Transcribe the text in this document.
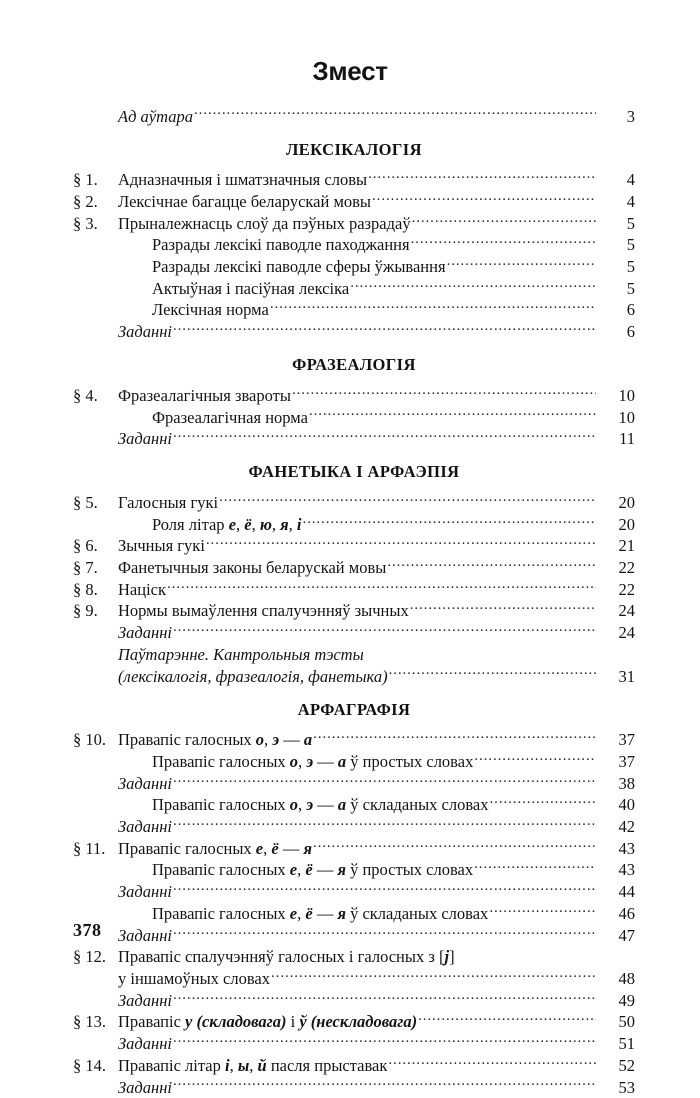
Змест
Ад аўтара .....	3
ЛЕКСІКАЛОГІЯ
§ 1.	Адназначныя і шматзначныя словы .....	4
§ 2.	Лексічнае багацце беларускай мовы .....	4
§ 3.	Прыналежнасць слоў да пэўных разрадаў .....	5
Разрады лексікі паводле паходжання .....	5
Разрады лексікі паводле сферы ўжывання .....	5
Актыўная і пасіўная лексіка .....	5
Лексічная норма .....	6
Заданні .....	6
ФРАЗЕАЛОГІЯ
§ 4.	Фразеалагічныя звароты .....	10
Фразеалагічная норма .....	10
Заданні .....	11
ФАНЕТЫКА І АРФАЭПІЯ
§ 5.	Галосныя гукі .....	20
Роля літар е, ё, ю, я, і .....	20
§ 6.	Зычныя гукі .....	21
§ 7.	Фанетычныя законы беларускай мовы .....	22
§ 8.	Націск .....	22
§ 9.	Нормы вымаўлення спалучэнняў зычных .....	24
Заданні .....	24
Паўтарэнне. Кантрольныя тэсты
(лексікалогія, фразеалогія, фанетыка) .....	31
АРФАГРАФІЯ
§ 10. Правапіс галосных о, э — а .....	37
Правапіс галосных о, э — а ў простых словах .....	37
Заданні .....	38
Правапіс галосных о, э — а ў складаных словах .....	40
Заданні .....	42
§ 11. Правапіс галосных е, ё — я .....	43
Правапіс галосных е, ё — я ў простых словах .....	43
Заданні .....	44
Правапіс галосных е, ё — я ў складаных словах .....	46
Заданні .....	47
§ 12. Правапіс спалучэнняў галосных і галосных з [j]
у іншамоўных словах .....	48
Заданні .....	49
§ 13. Правапіс у (складовага) і ў (нескладовага) .....	50
Заданні .....	51
§ 14. Правапіс літар і, ы, й пасля прыставак .....	52
Заданні .....	53
378
